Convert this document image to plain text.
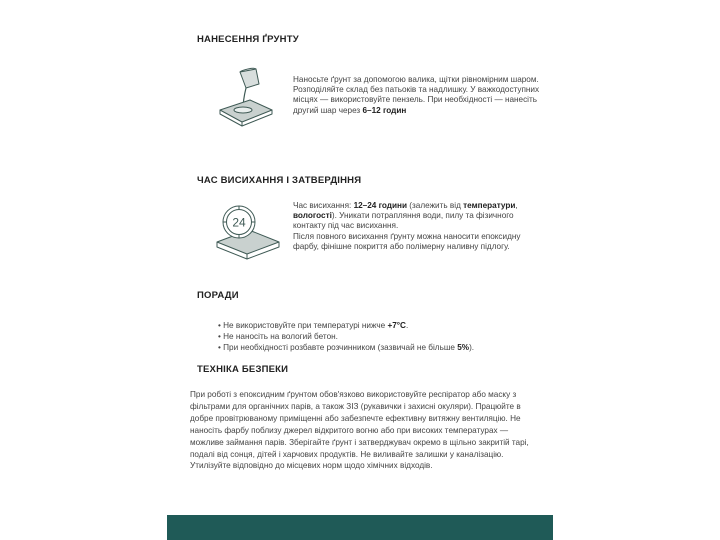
НАНЕСЕННЯ ҐРУНТУ
Наносьте ґрунт за допомогою валика, щітки рівномірним шаром. Розподіляйте склад без патьоків та надлишку. У важкодоступних місцях — використовуйте пензель. При необхідності — нанесіть другий шар через 6–12 годин
ЧАС ВИСИХАННЯ І ЗАТВЕРДІННЯ
24

Час висихання: 12–24 години (залежить від температури, вологості). Уникати потрапляння води, пилу та фізичного контакту під час висихання.

Після повного висихання ґрунту можна наносити епоксидну фарбу, фінішне покриття або полімерну наливну підлогу.

ПОРАДИ
• Не використовуйте при температурі нижче +7°C.
• Не наносіть на вологий бетон.
• При необхідності розбавте розчинником (зазвичай не більше 5%).
ТЕХНІКА БЕЗПЕКИ
При роботі з епоксидним ґрунтом обов'язково використовуйте респіратор або маску з фільтрами для органічних парів, а також ЗІЗ (рукавички і захисні окуляри). Працюйте в добре провітрюваному приміщенні або забезпечте ефективну витяжну вентиляцію. Не наносіть фарбу поблизу джерел відкритого вогню або при високих температурах — можливе займання парів. Зберігайте ґрунт і затверджувач окремо в щільно закритій тарі, подалі від сонця, дітей і харчових продуктів. Не виливайте залишки у каналізацію. Утилізуйте відповідно до місцевих норм щодо хімічних відходів.
